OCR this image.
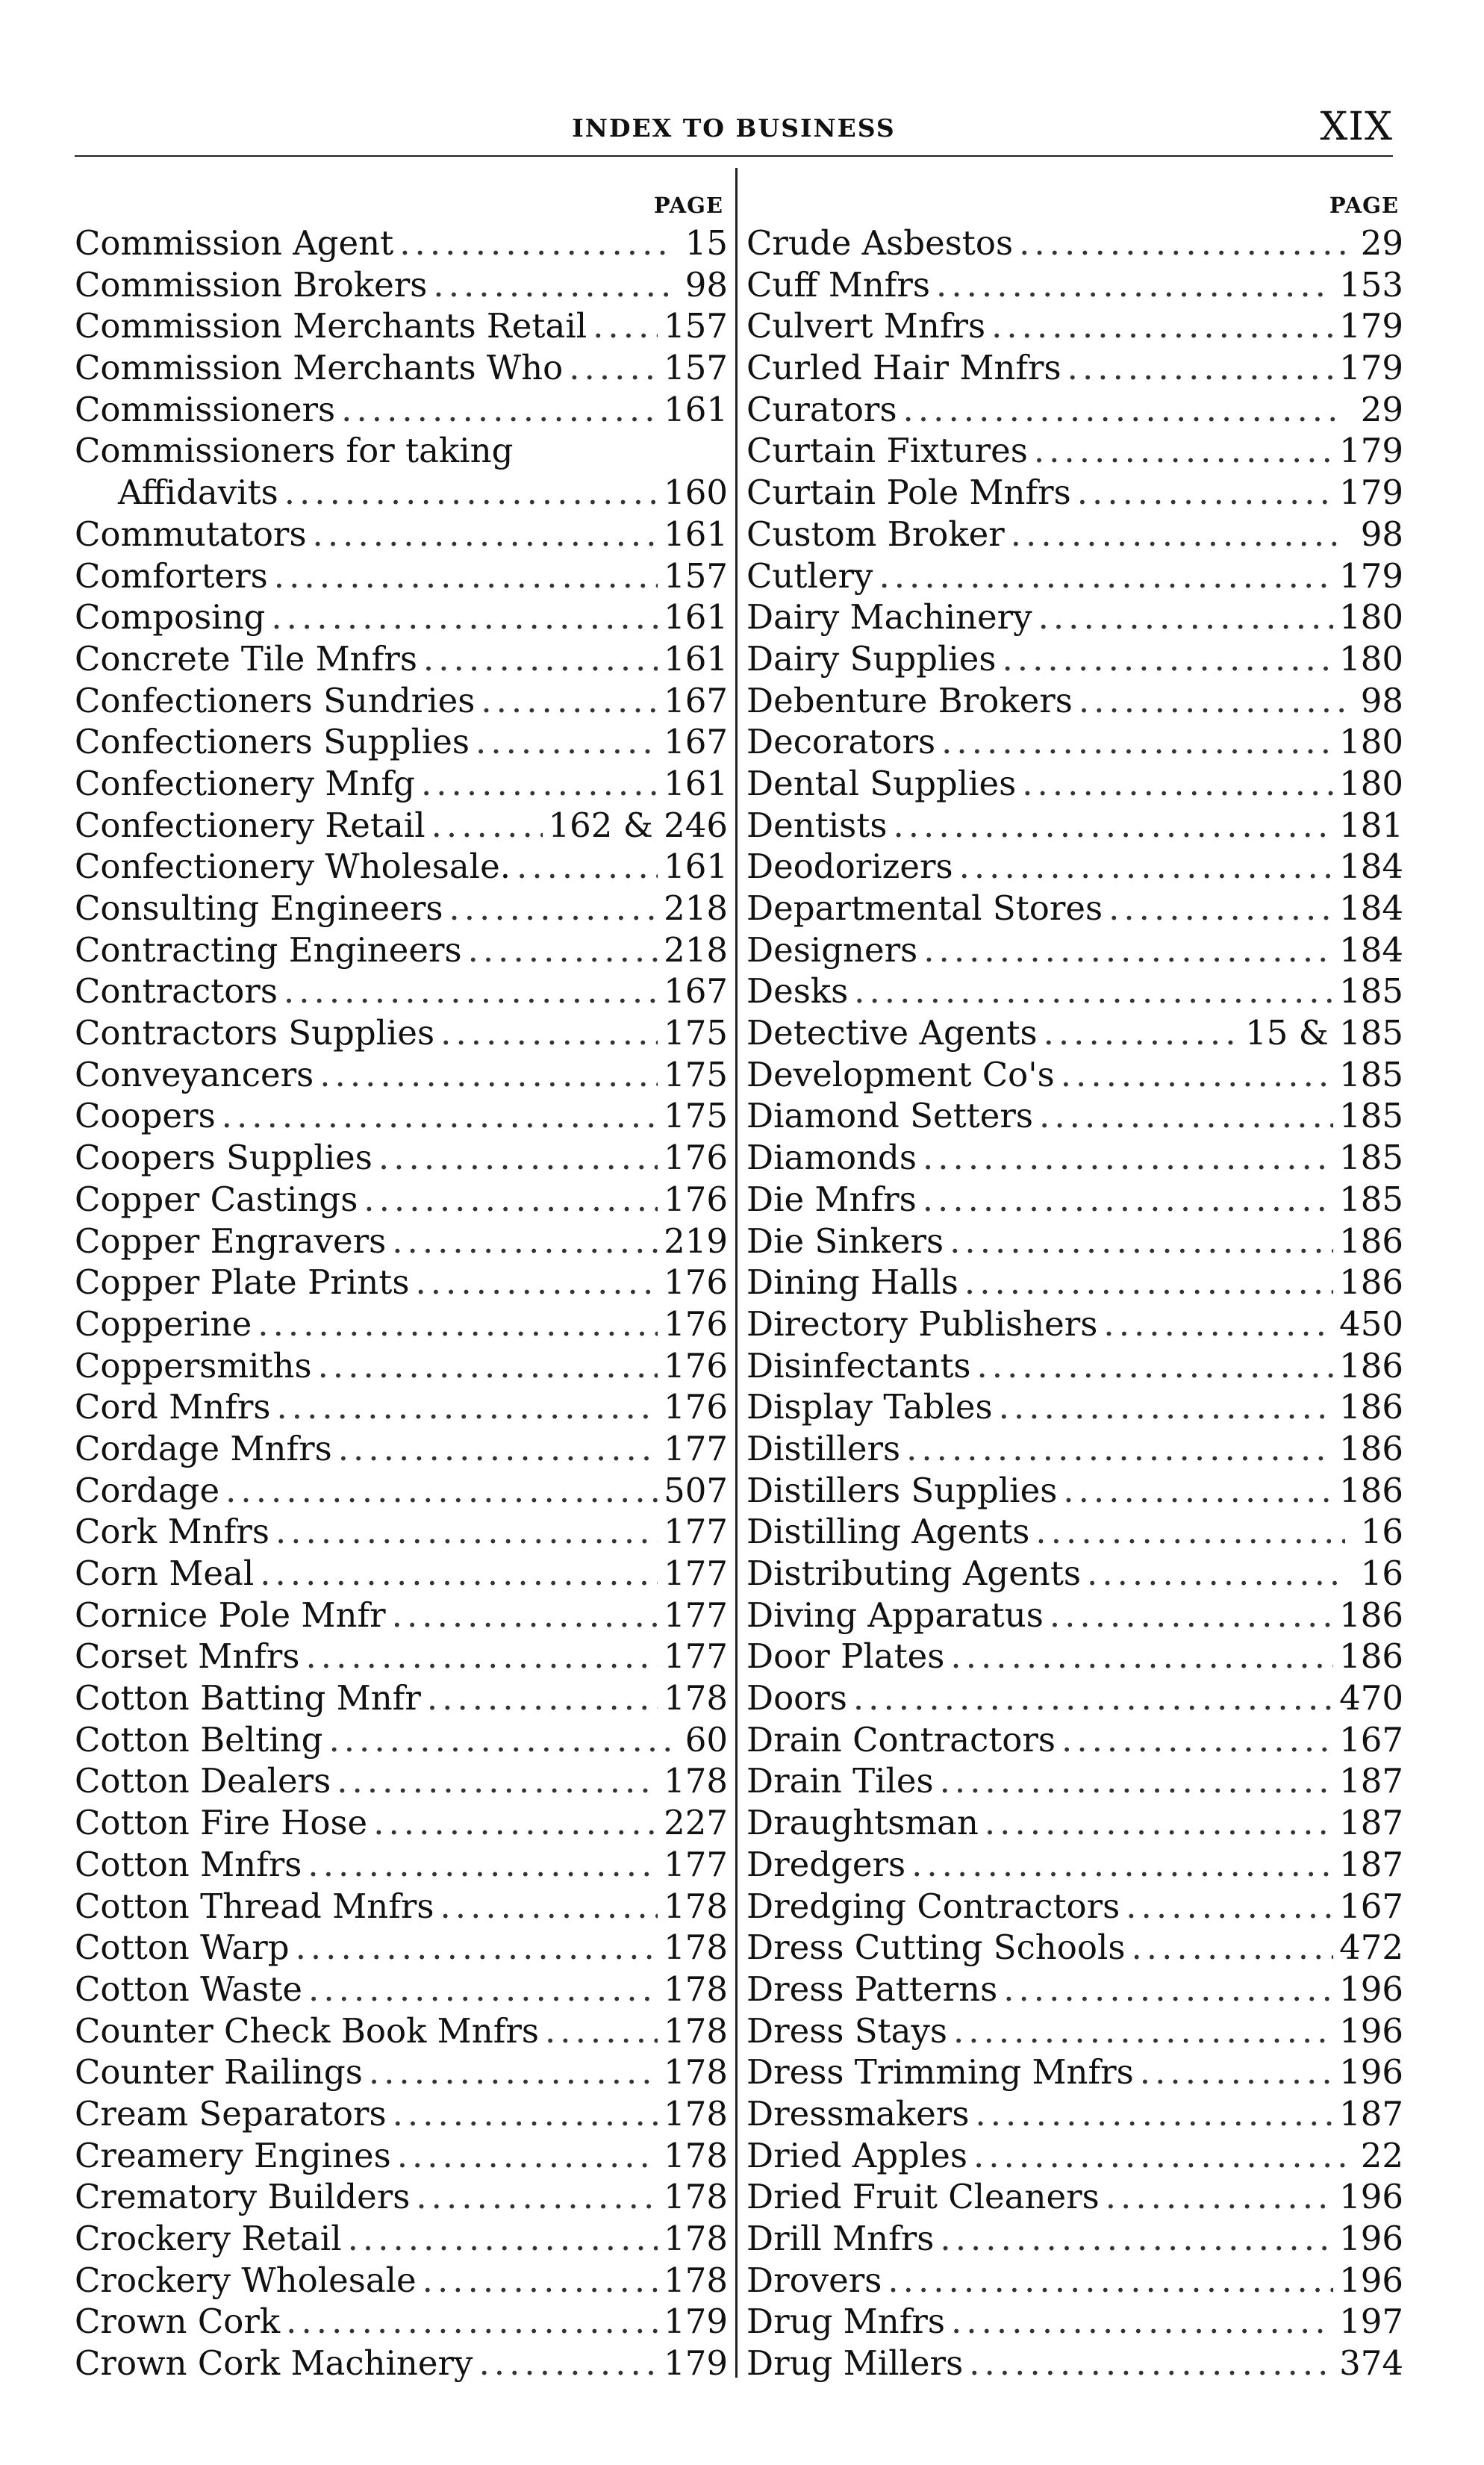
INDEX TO BUSINESS	XIX
PAGE
Commission Agent .....	15
Commission Brokers .....	98
Commission Merchants Retail ..... 157
Commission Merchants Who .....	157
Commissioners .....	161
Commissioners for taking
Affidavits .....	160
Commutators .....	161
Comforters .....	157
Composing .....	161
Concrete Tile Mnfrs .....	161
Confectioners Sundries .....	167
Confectioners Supplies .....	167
Confectionery Mnfg .....	161
Confectionery Retail .....	162 & 246
Confectionery Wholesale. .....	161
Consulting Engineers .....	218
Contracting Engineers .....	218
Contractors .....	167
Contractors Supplies .....	175
Conveyancers .....	175
Coopers .....	175
Coopers Supplies .....	176
Copper Castings .....	176
Copper Engravers .....	219
Copper Plate Prints .....	176
Copperine .....	176
Coppersmiths .....	176
Cord Mnfrs .....	176
Cordage Mnfrs .....	177
Cordage .....	507
Cork Mnfrs .....	177
Corn Meal .....	177
Cornice Pole Mnfr .....	177
Corset Mnfrs .....	177
Cotton Batting Mnfr .....	178
Cotton Belting .....	60
Cotton Dealers .....	178
Cotton Fire Hose .....	227
Cotton Mnfrs .....	177
Cotton Thread Mnfrs .....	178
Cotton Warp .....	178
Cotton Waste .....	178
Counter Check Book Mnfrs .....	178
Counter Railings .....	178
Cream Separators .....	178
Creamery Engines .....	178
Crematory Builders .....	178
Crockery Retail .....	178
Crockery Wholesale .....	178
Crown Cork .....	179
Crown Cork Machinery .....	179
PAGE
Crude Asbestos .....	29
Cuff Mnfrs .....	153
Culvert Mnfrs .....	179
Curled Hair Mnfrs .....	179
Curators .....	29
Curtain Fixtures .....	179
Curtain Pole Mnfrs .....	179
Custom Broker .....	98
Cutlery .....	179
Dairy Machinery .....	180
Dairy Supplies .....	180
Debenture Brokers .....	98
Decorators .....	180
Dental Supplies .....	180
Dentists .....	181
Deodorizers .....	184
Departmental Stores .....	184
Designers .....	184
Desks .....	185
Detective Agents .....	15 & 185
Development Co's .....	185
Diamond Setters .....	185
Diamonds .....	185
Die Mnfrs .....	185
Die Sinkers .....	186
Dining Halls .....	186
Directory Publishers .....	450
Disinfectants .....	186
Display Tables .....	186
Distillers .....	186
Distillers Supplies .....	186
Distilling Agents .....	16
Distributing Agents .....	16
Diving Apparatus .....	186
Door Plates .....	186
Doors .....	470
Drain Contractors .....	167
Drain Tiles .....	187
Draughtsman .....	187
Dredgers .....	187
Dredging Contractors .....	167
Dress Cutting Schools .....	472
Dress Patterns .....	196
Dress Stays .....	196
Dress Trimming Mnfrs .....	196
Dressmakers .....	187
Dried Apples .....	22
Dried Fruit Cleaners .....	196
Drill Mnfrs .....	196
Drovers .....	196
Drug Mnfrs .....	197
Drug Millers .....	374
